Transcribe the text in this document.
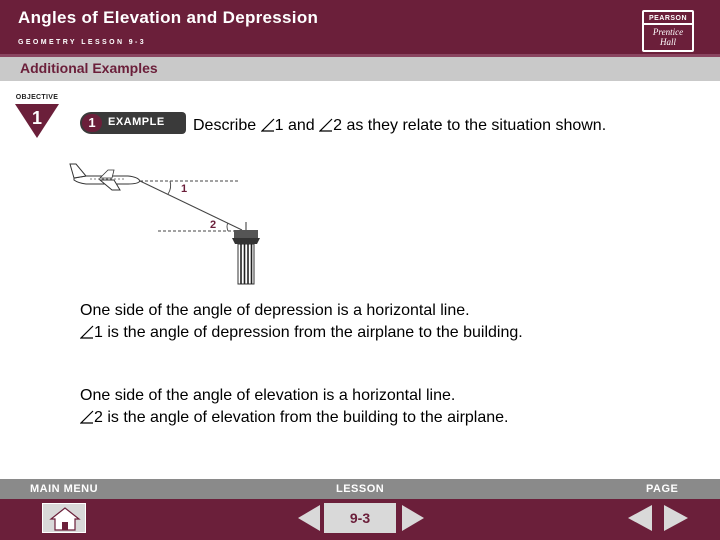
Angles of Elevation and Depression
GEOMETRY LESSON 9-3
PEARSON
Prentice
Hall
Additional Examples
OBJECTIVE
1	1	EXAMPLE Describe 1 and 2 as they relate to the situation shown.
1
2
One side of the angle of depression is a horizontal line.
1 is the angle of depression from the airplane to the building.
One side of the angle of elevation is a horizontal line.
2 is the angle of elevation from the building to the airplane.
MAIN MENU	LESSON	PAGE
9-3
